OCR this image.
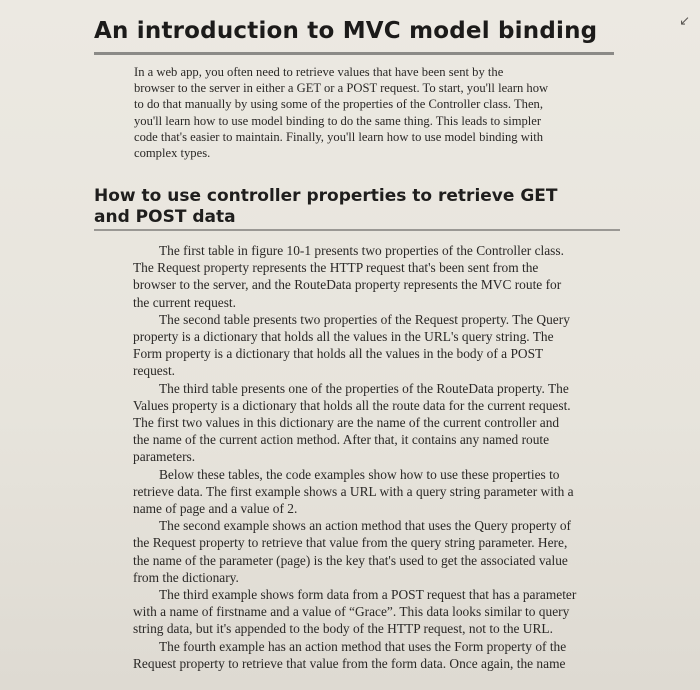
↙
An introduction to MVC model binding
In a web app, you often need to retrieve values that have been sent by the
browser to the server in either a GET or a POST request. To start, you'll learn how
to do that manually by using some of the properties of the Controller class. Then,
you'll learn how to use model binding to do the same thing. This leads to simpler
code that's easier to maintain. Finally, you'll learn how to use model binding with
complex types.
How to use controller properties to retrieve GET
and POST data
The first table in figure 10-1 presents two properties of the Controller class.
The Request property represents the HTTP request that's been sent from the
browser to the server, and the RouteData property represents the MVC route for
the current request.
The second table presents two properties of the Request property. The Query
property is a dictionary that holds all the values in the URL's query string. The
Form property is a dictionary that holds all the values in the body of a POST
request.
The third table presents one of the properties of the RouteData property. The
Values property is a dictionary that holds all the route data for the current request.
The first two values in this dictionary are the name of the current controller and
the name of the current action method. After that, it contains any named route
parameters.
Below these tables, the code examples show how to use these properties to
retrieve data. The first example shows a URL with a query string parameter with a
name of page and a value of 2.
The second example shows an action method that uses the Query property of
the Request property to retrieve that value from the query string parameter. Here,
the name of the parameter (page) is the key that's used to get the associated value
from the dictionary.
The third example shows form data from a POST request that has a parameter
with a name of firstname and a value of “Grace”. This data looks similar to query
string data, but it's appended to the body of the HTTP request, not to the URL.
The fourth example has an action method that uses the Form property of the
Request property to retrieve that value from the form data. Once again, the name
